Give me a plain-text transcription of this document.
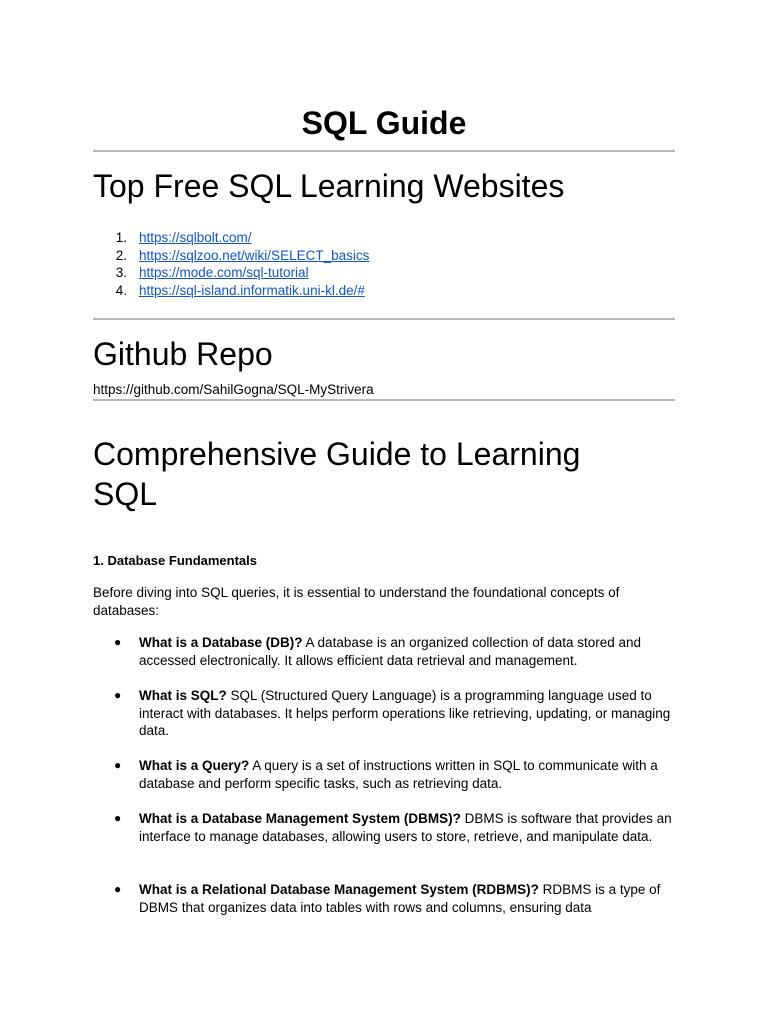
SQL Guide
Top Free SQL Learning Websites
1. https://sqlbolt.com/
2. https://sqlzoo.net/wiki/SELECT_basics
3. https://mode.com/sql-tutorial
4. https://sql-island.informatik.uni-kl.de/#
Github Repo
https://github.com/SahilGogna/SQL-MyStrivera
Comprehensive Guide to Learning SQL
1. Database Fundamentals

Before diving into SQL queries, it is essential to understand the foundational concepts of databases:

● What is a Database (DB)? A database is an organized collection of data stored and accessed electronically. It allows efficient data retrieval and management.
● What is SQL? SQL (Structured Query Language) is a programming language used to interact with databases. It helps perform operations like retrieving, updating, or managing data.
● What is a Query? A query is a set of instructions written in SQL to communicate with a database and perform specific tasks, such as retrieving data.
● What is a Database Management System (DBMS)? DBMS is software that provides an interface to manage databases, allowing users to store, retrieve, and manipulate data.
● What is a Relational Database Management System (RDBMS)? RDBMS is a type of DBMS that organizes data into tables with rows and columns, ensuring data
